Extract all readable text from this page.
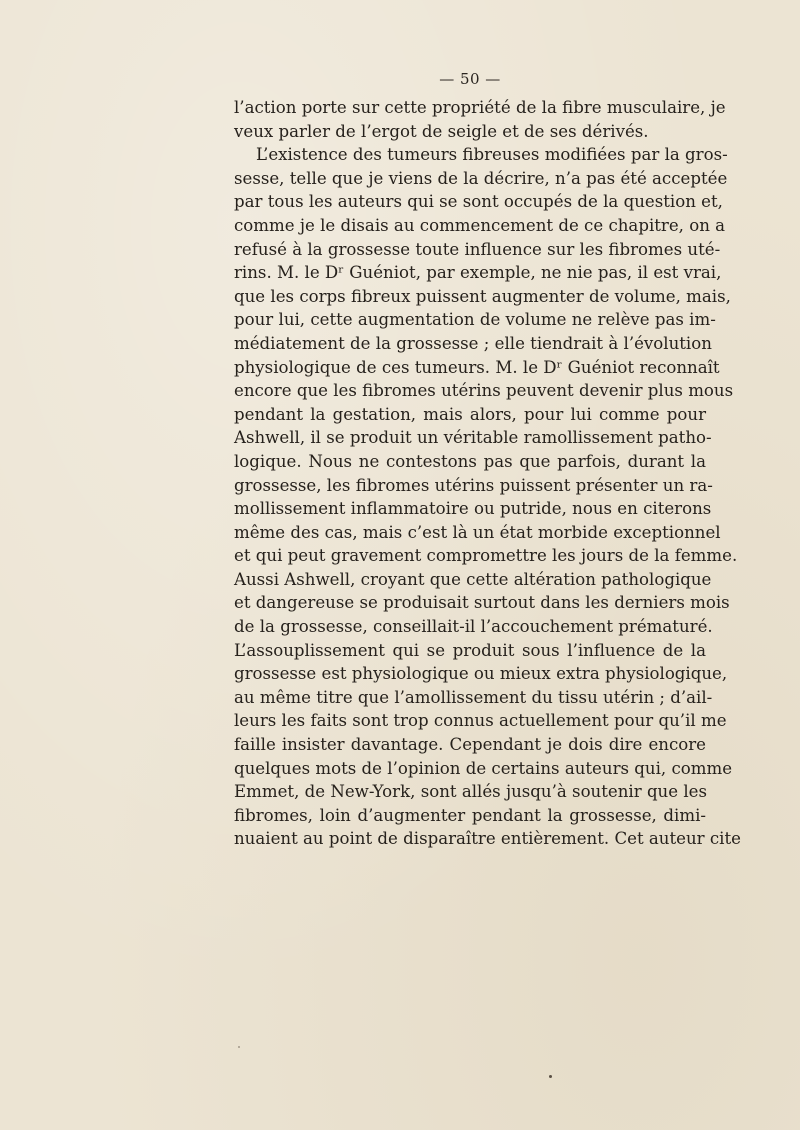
— 50 —
l’action porte sur cette propriété de la fibre musculaire, je
veux parler de l’ergot de seigle et de ses dérivés.
L’existence des tumeurs fibreuses modifiées par la gros-
sesse, telle que je viens de la décrire, n’a pas été acceptée
par tous les auteurs qui se sont occupés de la question et,
comme je le disais au commencement de ce chapitre, on a
refusé à la grossesse toute influence sur les fibromes uté-
rins. M. le Dʳ Guéniot, par exemple, ne nie pas, il est vrai,
que les corps fibreux puissent augmenter de volume, mais,
pour lui, cette augmentation de volume ne relève pas im-
médiatement de la grossesse ; elle tiendrait à l’évolution
physiologique de ces tumeurs. M. le Dʳ Guéniot reconnaît
encore que les fibromes utérins peuvent devenir plus mous
pendant la gestation, mais alors, pour lui comme pour
Ashwell, il se produit un véritable ramollissement patho-
logique. Nous ne contestons pas que parfois, durant la
grossesse, les fibromes utérins puissent présenter un ra-
mollissement inflammatoire ou putride, nous en citerons
même des cas, mais c’est là un état morbide exceptionnel
et qui peut gravement compromettre les jours de la femme.
Aussi Ashwell, croyant que cette altération pathologique
et dangereuse se produisait surtout dans les derniers mois
de la grossesse, conseillait-il l’accouchement prématuré.
L’assouplissement qui se produit sous l’influence de la
grossesse est physiologique ou mieux extra physiologique,
au même titre que l’amollissement du tissu utérin ; d’ail-
leurs les faits sont trop connus actuellement pour qu’il me
faille insister davantage. Cependant je dois dire encore
quelques mots de l’opinion de certains auteurs qui, comme
Emmet, de New-York, sont allés jusqu’à soutenir que les
fibromes, loin d’augmenter pendant la grossesse, dimi-
nuaient au point de disparaître entièrement. Cet auteur cite
